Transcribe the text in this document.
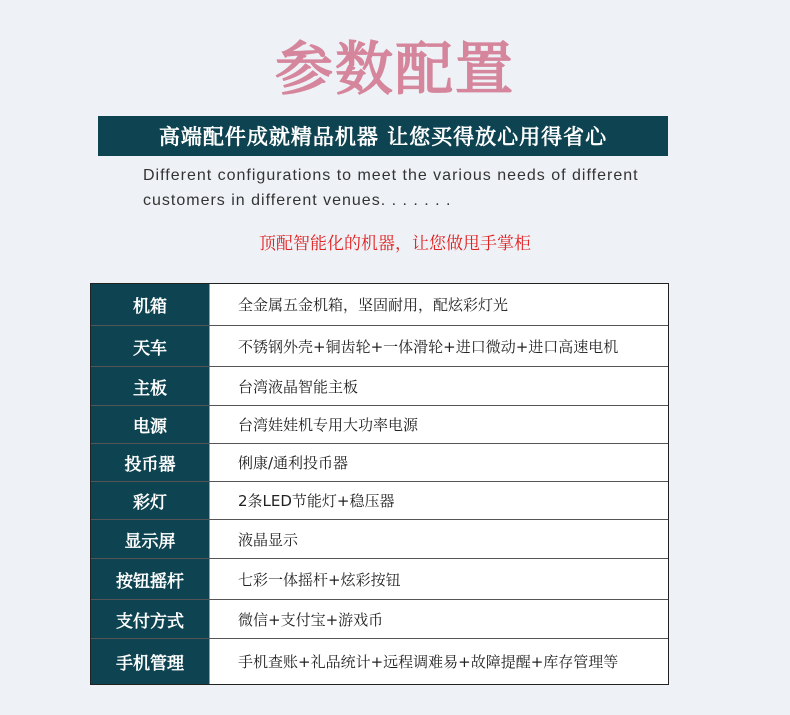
参数配置
高端配件成就精品机器 让您买得放心用得省心
Different configurations to meet the various needs of different customers in different venues. . . . . . .
顶配智能化的机器，让您做甩手掌柜
机箱	全金属五金机箱，坚固耐用，配炫彩灯光
天车	不锈钢外壳+铜齿轮+一体滑轮+进口微动+进口高速电机
主板	台湾液晶智能主板
电源	台湾娃娃机专用大功率电源
投币器	俐康/通利投币器
彩灯	2条LED节能灯+稳压器
显示屏	液晶显示
按钮摇杆	七彩一体摇杆+炫彩按钮
支付方式	微信+支付宝+游戏币
手机管理	手机查账+礼品统计+远程调难易+故障提醒+库存管理等
